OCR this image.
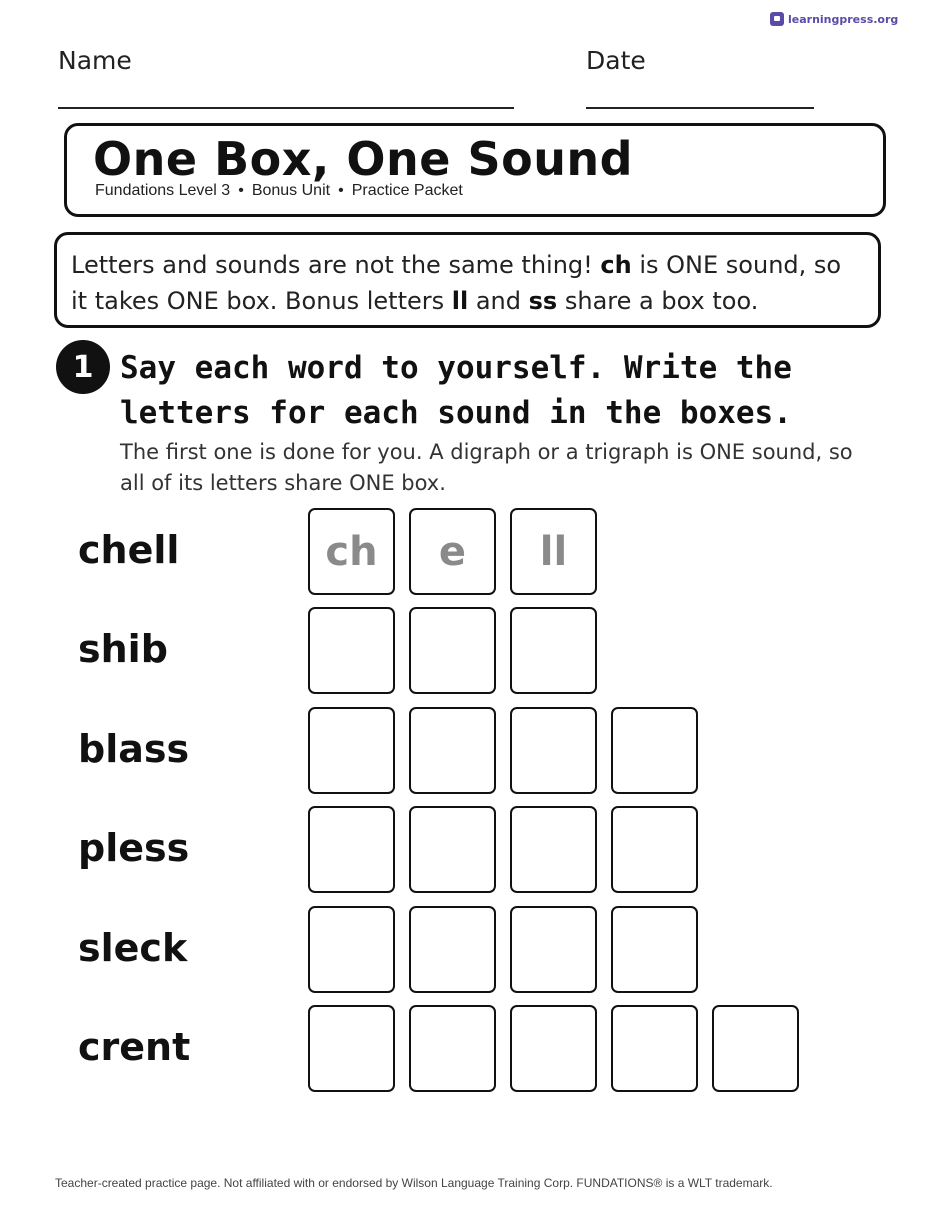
learningpress.org
Name	Date
One Box, One Sound
Fundations Level 3 • Bonus Unit • Practice Packet
Letters and sounds are not the same thing! ch is ONE sound, so it takes ONE box. Bonus letters ll and ss share a box too.
1 Say each word to yourself. Write the letters for each sound in the boxes.
The first one is done for you. A digraph or a trigraph is ONE sound, so all of its letters share ONE box.
chell	ch	e	ll
shib
blass
pless
sleck
crent
Teacher-created practice page. Not affiliated with or endorsed by Wilson Language Training Corp. FUNDATIONS® is a WLT trademark.
